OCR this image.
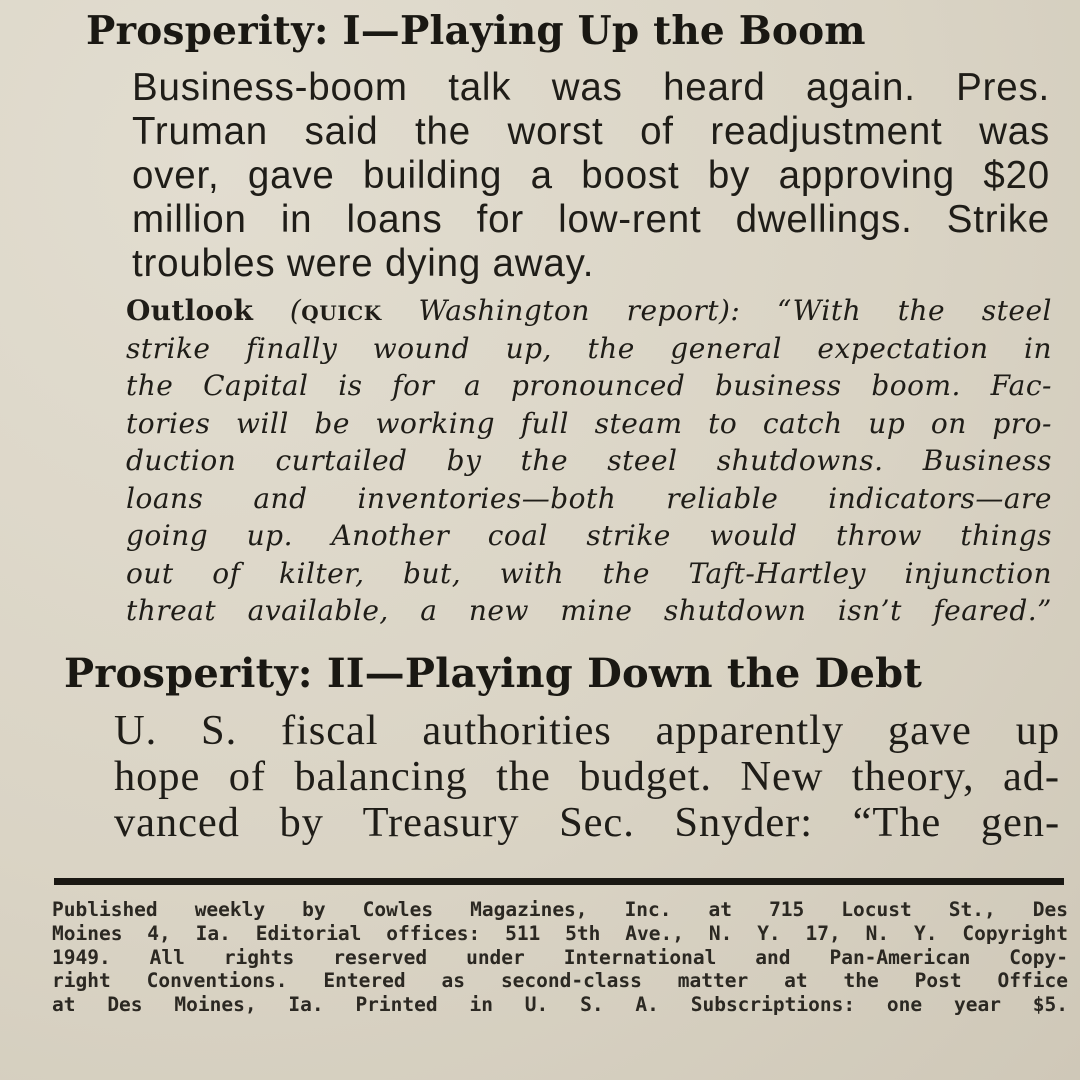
Prosperity: I—Playing Up the Boom
Business-boom talk was heard again. Pres.
Truman said the worst of readjustment was
over, gave building a boost by approving $20
million in loans for low-rent dwellings. Strike
troubles were dying away.
Outlook (quick Washington report): “With the steel
strike finally wound up, the general expectation in
the Capital is for a pronounced business boom. Fac-
tories will be working full steam to catch up on pro-
duction curtailed by the steel shutdowns. Business
loans and inventories—both reliable indicators—are
going up. Another coal strike would throw things
out of kilter, but, with the Taft-Hartley injunction
threat available, a new mine shutdown isn’t feared.”
Prosperity: II—Playing Down the Debt
U. S. fiscal authorities apparently gave up
hope of balancing the budget. New theory, ad-
vanced by Treasury Sec. Snyder: “The gen-
Published weekly by Cowles Magazines, Inc. at 715 Locust St., Des
Moines 4, Ia. Editorial offices: 511 5th Ave., N. Y. 17, N. Y. Copyright
1949. All rights reserved under International and Pan-American Copy-
right Conventions. Entered as second-class matter at the Post Office
at Des Moines, Ia. Printed in U. S. A. Subscriptions: one year $5.
